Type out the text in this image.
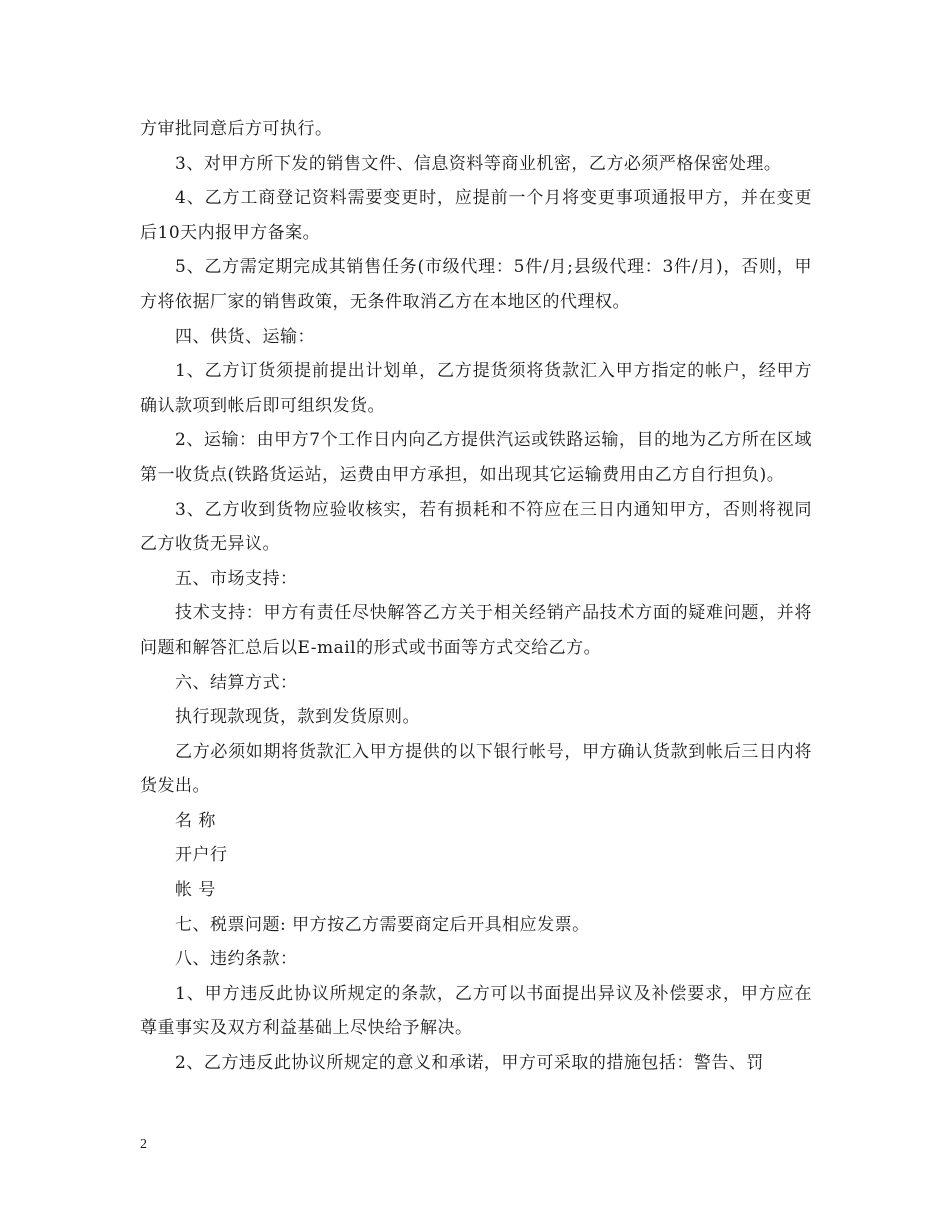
方审批同意后方可执行。

3、对甲方所下发的销售文件、信息资料等商业机密，乙方必须严格保密处理。

4、乙方工商登记资料需要变更时，应提前一个月将变更事项通报甲方，并在变更后10天内报甲方备案。

5、乙方需定期完成其销售任务(市级代理：5件/月;县级代理：3件/月)，否则，甲方将依据厂家的销售政策，无条件取消乙方在本地区的代理权。

四、供货、运输：

1、乙方订货须提前提出计划单，乙方提货须将货款汇入甲方指定的帐户，经甲方确认款项到帐后即可组织发货。

2、运输：由甲方7个工作日内向乙方提供汽运或铁路运输，目的地为乙方所在区域第一收货点(铁路货运站，运费由甲方承担，如出现其它运输费用由乙方自行担负)。

3、乙方收到货物应验收核实，若有损耗和不符应在三日内通知甲方，否则将视同乙方收货无异议。

五、市场支持：

技术支持：甲方有责任尽快解答乙方关于相关经销产品技术方面的疑难问题，并将问题和解答汇总后以E-mail的形式或书面等方式交给乙方。

六、结算方式：

执行现款现货，款到发货原则。

乙方必须如期将货款汇入甲方提供的以下银行帐号，甲方确认货款到帐后三日内将货发出。

名 称

开户行

帐 号

七、税票问题: 甲方按乙方需要商定后开具相应发票。

八、违约条款：

1、甲方违反此协议所规定的条款，乙方可以书面提出异议及补偿要求，甲方应在尊重事实及双方利益基础上尽快给予解决。

2、乙方违反此协议所规定的意义和承诺，甲方可采取的措施包括：警告、罚

2
